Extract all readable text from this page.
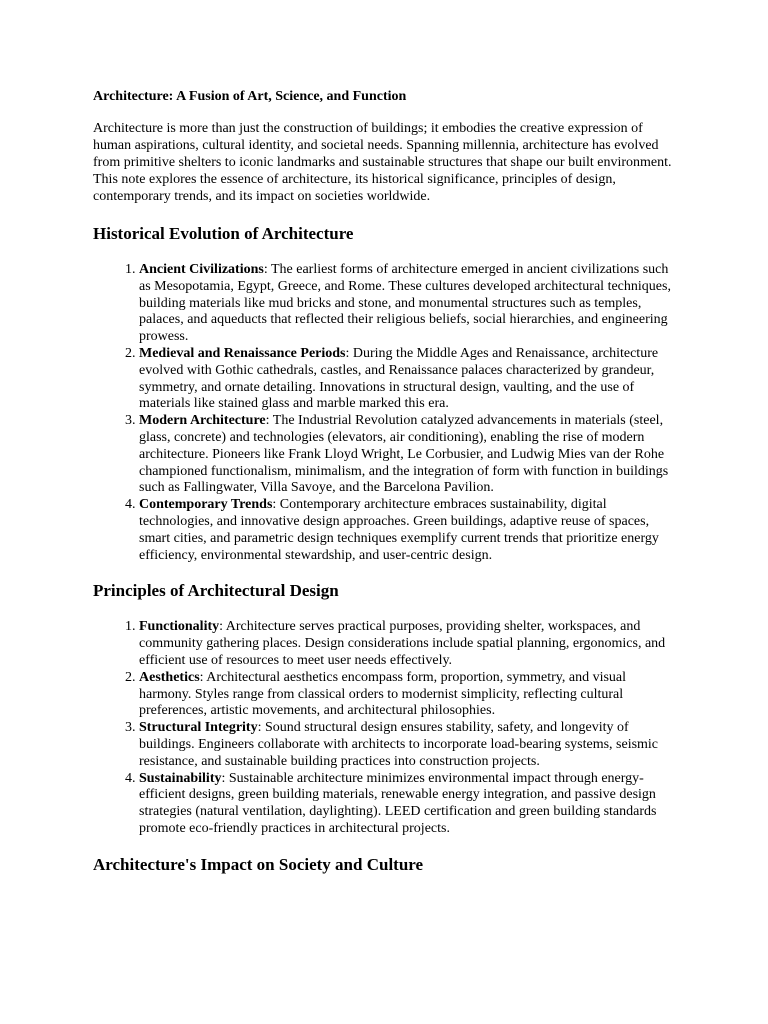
Architecture: A Fusion of Art, Science, and Function

Architecture is more than just the construction of buildings; it embodies the creative expression of human aspirations, cultural identity, and societal needs. Spanning millennia, architecture has evolved from primitive shelters to iconic landmarks and sustainable structures that shape our built environment. This note explores the essence of architecture, its historical significance, principles of design, contemporary trends, and its impact on societies worldwide.

Historical Evolution of Architecture
1. Ancient Civilizations: The earliest forms of architecture emerged in ancient civilizations such as Mesopotamia, Egypt, Greece, and Rome. These cultures developed architectural techniques, building materials like mud bricks and stone, and monumental structures such as temples, palaces, and aqueducts that reflected their religious beliefs, social hierarchies, and engineering prowess.
2. Medieval and Renaissance Periods: During the Middle Ages and Renaissance, architecture evolved with Gothic cathedrals, castles, and Renaissance palaces characterized by grandeur, symmetry, and ornate detailing. Innovations in structural design, vaulting, and the use of materials like stained glass and marble marked this era.
3. Modern Architecture: The Industrial Revolution catalyzed advancements in materials (steel, glass, concrete) and technologies (elevators, air conditioning), enabling the rise of modern architecture. Pioneers like Frank Lloyd Wright, Le Corbusier, and Ludwig Mies van der Rohe championed functionalism, minimalism, and the integration of form with function in buildings such as Fallingwater, Villa Savoye, and the Barcelona Pavilion.
4. Contemporary Trends: Contemporary architecture embraces sustainability, digital technologies, and innovative design approaches. Green buildings, adaptive reuse of spaces, smart cities, and parametric design techniques exemplify current trends that prioritize energy efficiency, environmental stewardship, and user-centric design.
Principles of Architectural Design
1. Functionality: Architecture serves practical purposes, providing shelter, workspaces, and community gathering places. Design considerations include spatial planning, ergonomics, and efficient use of resources to meet user needs effectively.
2. Aesthetics: Architectural aesthetics encompass form, proportion, symmetry, and visual harmony. Styles range from classical orders to modernist simplicity, reflecting cultural preferences, artistic movements, and architectural philosophies.
3. Structural Integrity: Sound structural design ensures stability, safety, and longevity of buildings. Engineers collaborate with architects to incorporate load-bearing systems, seismic resistance, and sustainable building practices into construction projects.
4. Sustainability: Sustainable architecture minimizes environmental impact through energy-efficient designs, green building materials, renewable energy integration, and passive design strategies (natural ventilation, daylighting). LEED certification and green building standards promote eco-friendly practices in architectural projects.
Architecture's Impact on Society and Culture
